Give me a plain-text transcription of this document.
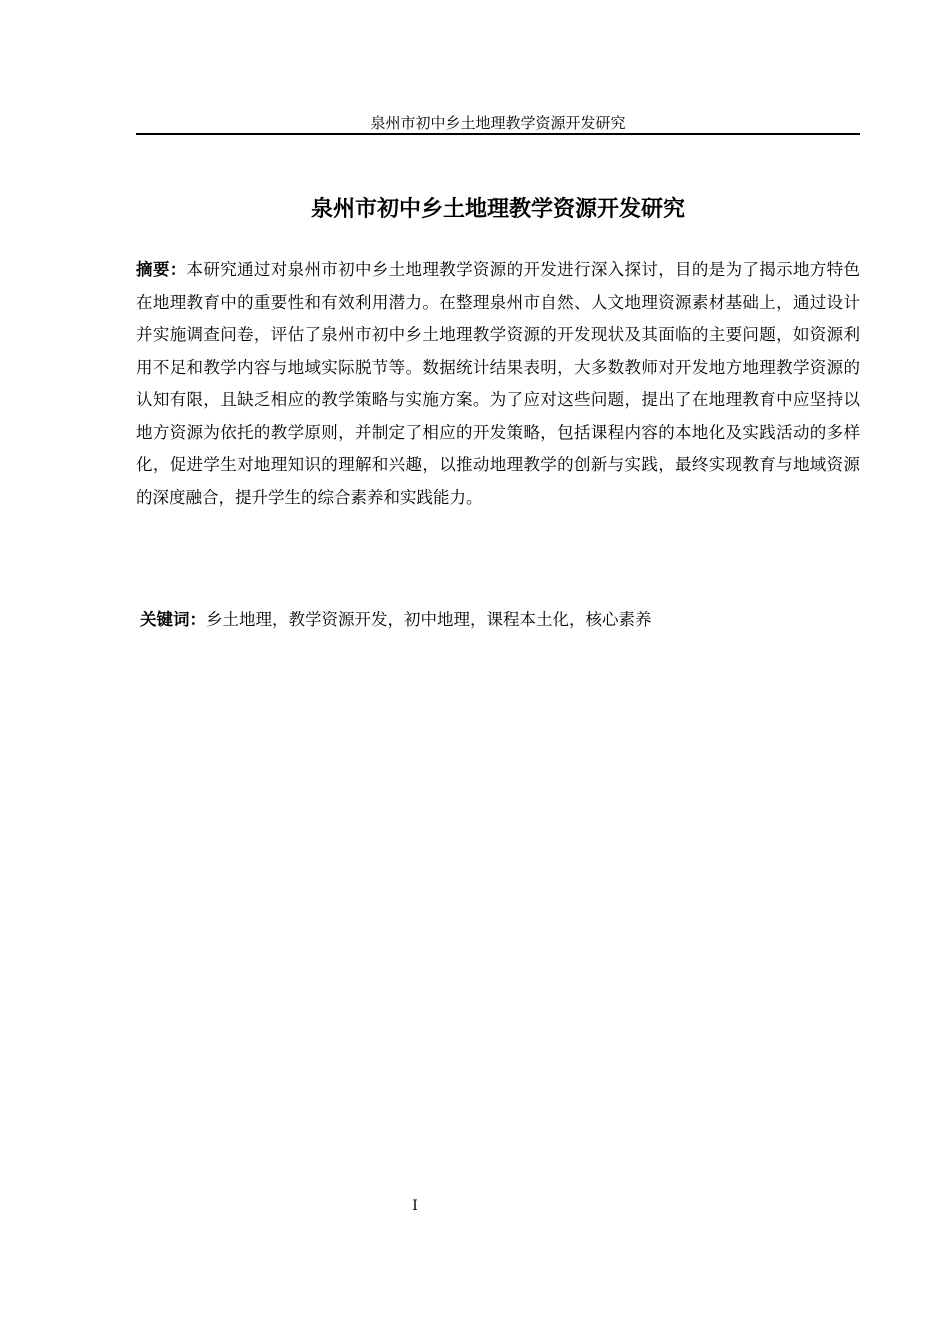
泉州市初中乡土地理教学资源开发研究
泉州市初中乡土地理教学资源开发研究

摘要：本研究通过对泉州市初中乡土地理教学资源的开发进行深入探讨，目的是为了揭示地方特色在地理教育中的重要性和有效利用潜力。在整理泉州市自然、人文地理资源素材基础上，通过设计并实施调查问卷，评估了泉州市初中乡土地理教学资源的开发现状及其面临的主要问题，如资源利用不足和教学内容与地域实际脱节等。数据统计结果表明，大多数教师对开发地方地理教学资源的认知有限，且缺乏相应的教学策略与实施方案。为了应对这些问题，提出了在地理教育中应坚持以地方资源为依托的教学原则，并制定了相应的开发策略，包括课程内容的本地化及实践活动的多样化，促进学生对地理知识的理解和兴趣，以推动地理教学的创新与实践，最终实现教育与地域资源的深度融合，提升学生的综合素养和实践能力。

关键词：乡土地理，教学资源开发，初中地理，课程本土化，核心素养

I
